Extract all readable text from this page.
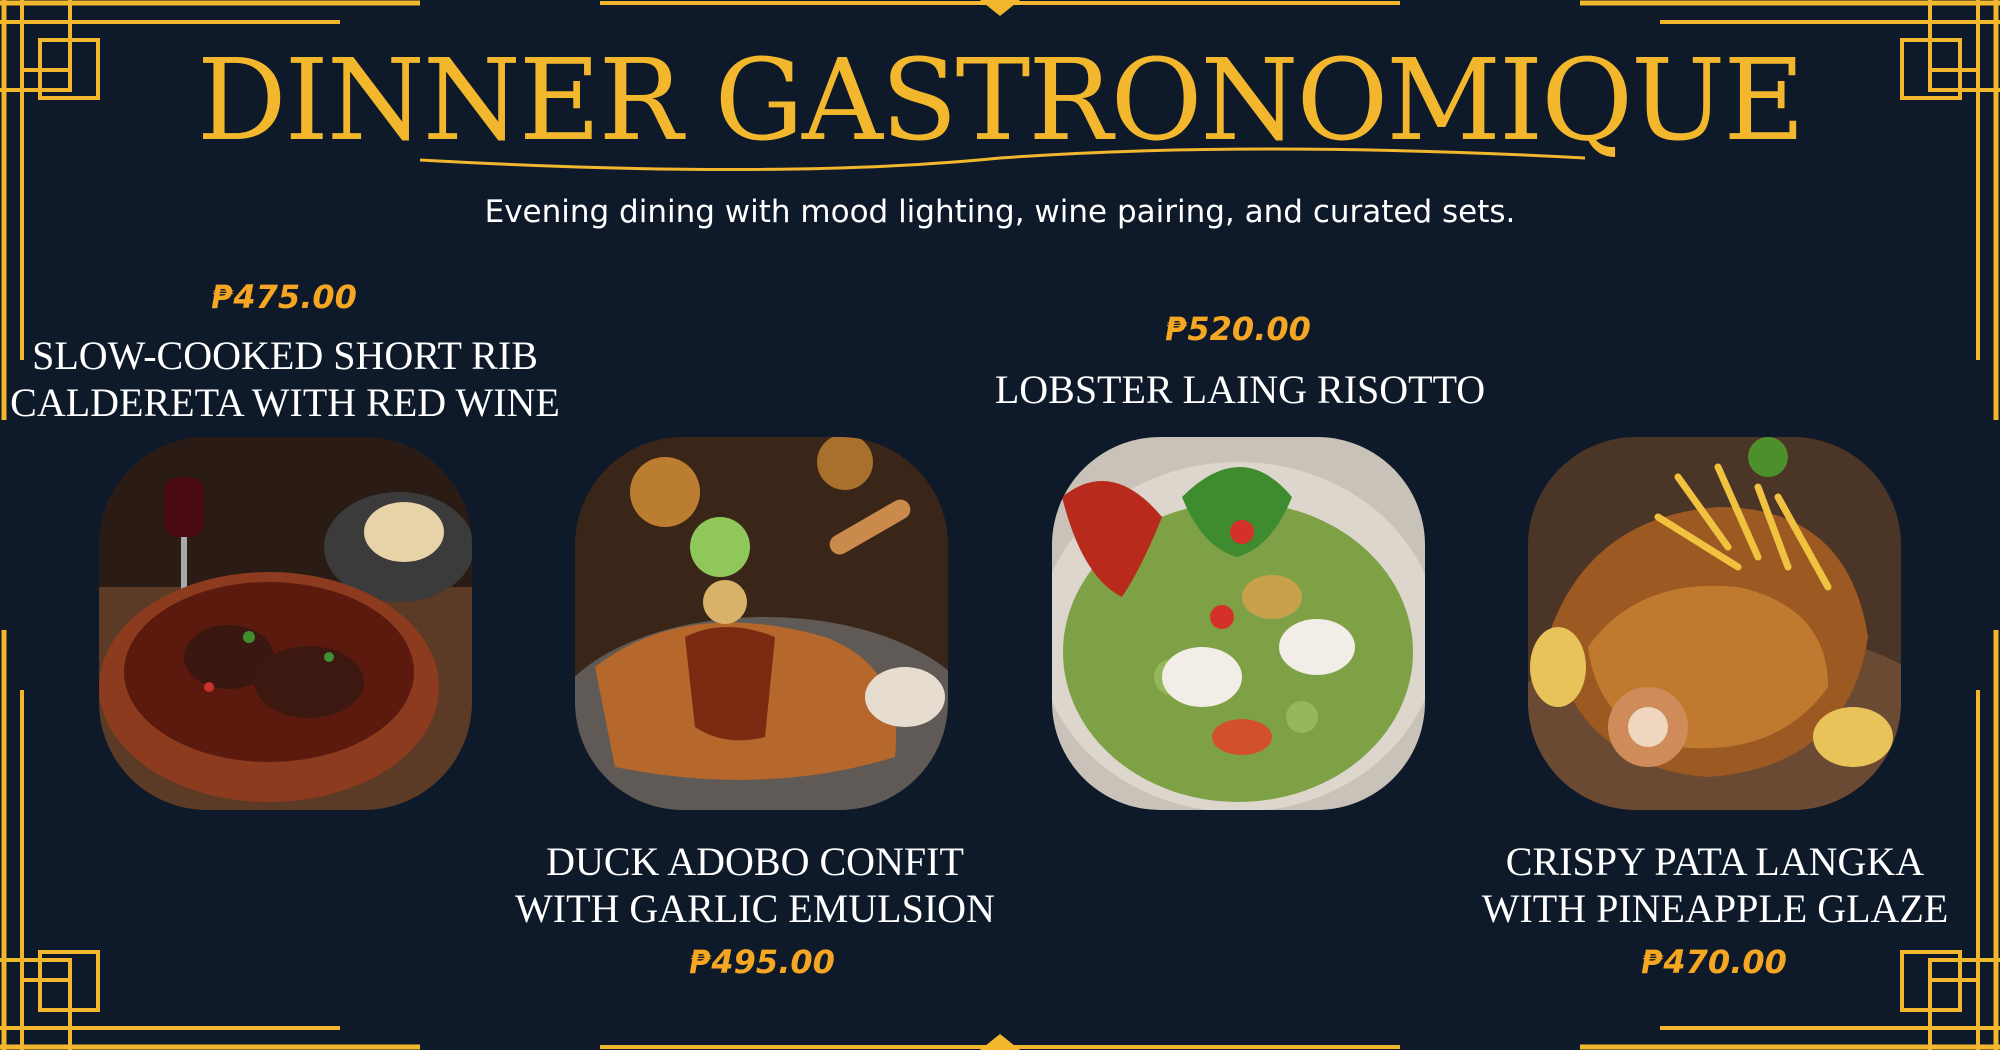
DINNER GASTRONOMIQUE
Evening dining with mood lighting, wine pairing, and curated sets.
₱475.00
SLOW-COOKED SHORT RIB
CALDERETA WITH RED WINE
DUCK ADOBO CONFIT
WITH GARLIC EMULSION
₱495.00
₱520.00
LOBSTER LAING RISOTTO
CRISPY PATA LANGKA
WITH PINEAPPLE GLAZE
₱470.00
